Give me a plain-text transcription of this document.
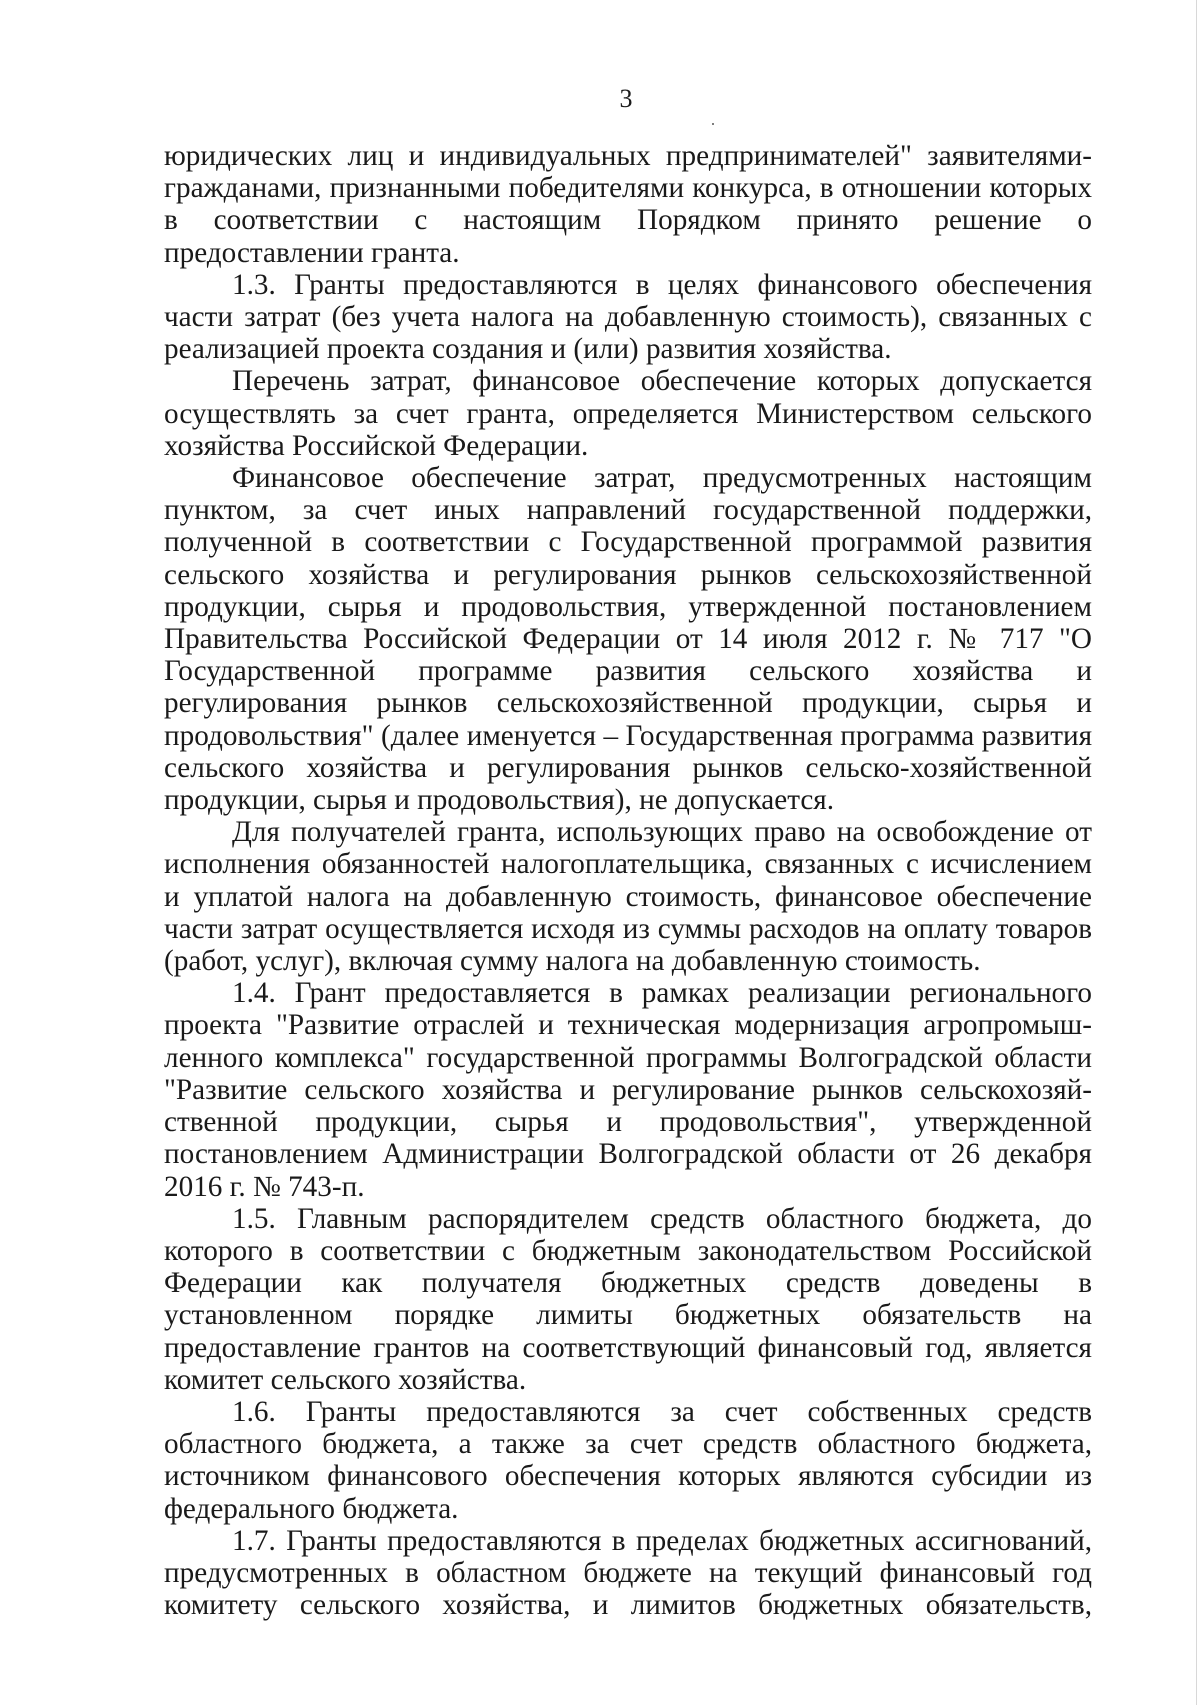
3

юридических лиц и индивидуальных предпринимателей" заявителями-гражданами, признанными победителями конкурса, в отношении которых в соответствии с настоящим Порядком принято решение о предоставлении гранта.

1.3. Гранты предоставляются в целях финансового обеспечения части затрат (без учета налога на добавленную стоимость), связанных с реализацией проекта создания и (или) развития хозяйства.

Перечень затрат, финансовое обеспечение которых допускается осуществлять за счет гранта, определяется Министерством сельского хозяйства Российской Федерации.

Финансовое обеспечение затрат, предусмотренных настоящим пунктом, за счет иных направлений государственной поддержки, полученной в соответствии с Государственной программой развития сельского хозяйства и регулирования рынков сельскохозяйственной продукции, сырья и продовольствия, утвержденной постановлением Правительства Российской Федерации от 14 июля 2012 г. № 717 "О Государственной программе развития сельского хозяйства и регулирования рынков сельскохозяйственной продукции, сырья и продовольствия" (далее именуется – Государственная программа развития сельского хозяйства и регулирования рынков сельско-хозяйственной продукции, сырья и продовольствия), не допускается.

Для получателей гранта, использующих право на освобождение от исполнения обязанностей налогоплательщика, связанных с исчислением и уплатой налога на добавленную стоимость, финансовое обеспечение части затрат осуществляется исходя из суммы расходов на оплату товаров (работ, услуг), включая сумму налога на добавленную стоимость.

1.4. Грант предоставляется в рамках реализации регионального проекта "Развитие отраслей и техническая модернизация агропромыш-ленного комплекса" государственной программы Волгоградской области "Развитие сельского хозяйства и регулирование рынков сельскохозяй-ственной продукции, сырья и продовольствия", утвержденной постановлением Администрации Волгоградской области от 26 декабря 2016 г. № 743-п.

1.5. Главным распорядителем средств областного бюджета, до которого в соответствии с бюджетным законодательством Российской Федерации как получателя бюджетных средств доведены в установленном порядке лимиты бюджетных обязательств на предоставление грантов на соответствующий финансовый год, является комитет сельского хозяйства.

1.6. Гранты предоставляются за счет собственных средств областного бюджета, а также за счет средств областного бюджета, источником финансового обеспечения которых являются субсидии из федерального бюджета.

1.7. Гранты предоставляются в пределах бюджетных ассигнований, предусмотренных в областном бюджете на текущий финансовый год комитету сельского хозяйства, и лимитов бюджетных обязательств,
